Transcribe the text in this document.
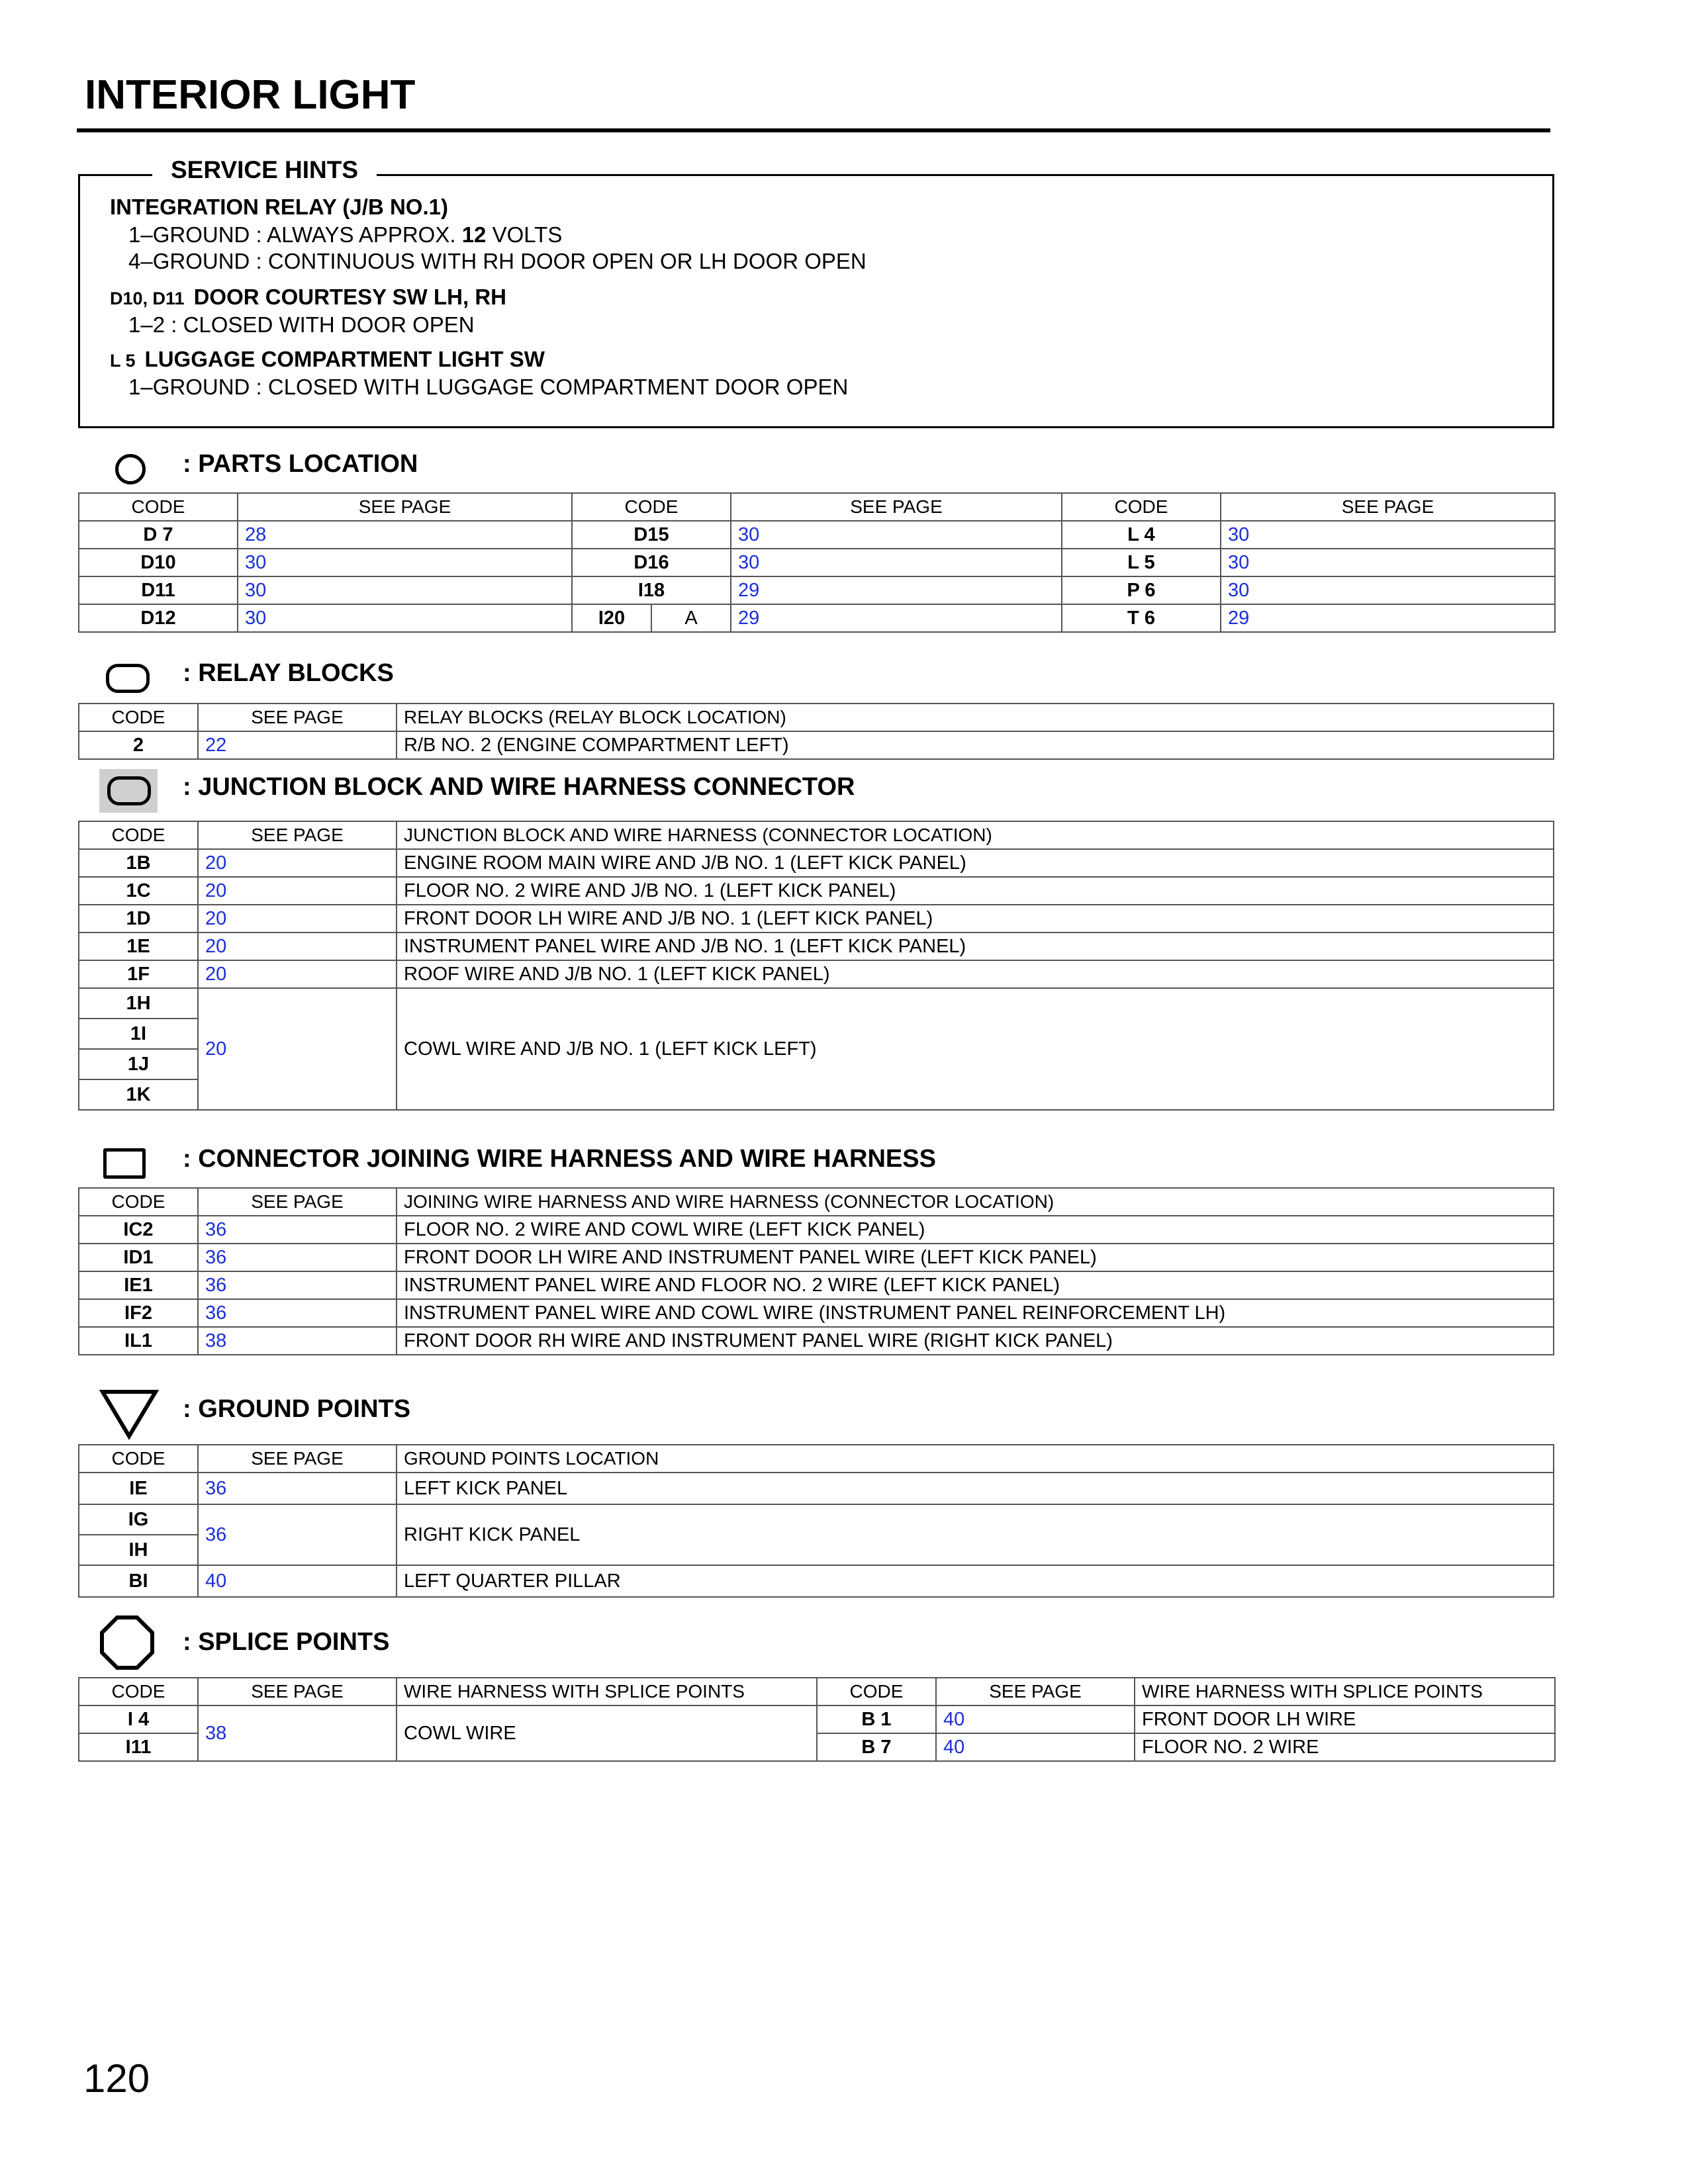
INTERIOR LIGHT
SERVICE HINTS
INTEGRATION RELAY (J/B NO.1)
1–GROUND : ALWAYS APPROX. 12 VOLTS
4–GROUND : CONTINUOUS WITH RH DOOR OPEN OR LH DOOR OPEN
D10, D11 DOOR COURTESY SW LH, RH
1–2 : CLOSED WITH DOOR OPEN
L 5 LUGGAGE COMPARTMENT LIGHT SW
1–GROUND : CLOSED WITH LUGGAGE COMPARTMENT DOOR OPEN
: PARTS LOCATION
CODE	SEE PAGE	CODE		SEE PAGE	CODE	SEE PAGE
D 7	28	D15		30	L 4	30
D10	30	D16		30	L 5	30
D11	30	I18		29	P 6	30
D12	30	I20	A	29	T 6	29
: RELAY BLOCKS
CODE	SEE PAGE	RELAY BLOCKS (RELAY BLOCK LOCATION)
2	22	R/B NO. 2 (ENGINE COMPARTMENT LEFT)
: JUNCTION BLOCK AND WIRE HARNESS CONNECTOR
CODE	SEE PAGE	JUNCTION BLOCK AND WIRE HARNESS (CONNECTOR LOCATION)
1B	20	ENGINE ROOM MAIN WIRE AND J/B NO. 1 (LEFT KICK PANEL)
1C	20	FLOOR NO. 2 WIRE AND J/B NO. 1 (LEFT KICK PANEL)
1D	20	FRONT DOOR LH WIRE AND J/B NO. 1 (LEFT KICK PANEL)
1E	20	INSTRUMENT PANEL WIRE AND J/B NO. 1 (LEFT KICK PANEL)
1F	20	ROOF WIRE AND J/B NO. 1 (LEFT KICK PANEL)
1H	20	COWL WIRE AND J/B NO. 1 (LEFT KICK LEFT)
1I		
1J		
1K		
: CONNECTOR JOINING WIRE HARNESS AND WIRE HARNESS
CODE	SEE PAGE	JOINING WIRE HARNESS AND WIRE HARNESS (CONNECTOR LOCATION)
IC2	36	FLOOR NO. 2 WIRE AND COWL WIRE (LEFT KICK PANEL)
ID1	36	FRONT DOOR LH WIRE AND INSTRUMENT PANEL WIRE (LEFT KICK PANEL)
IE1	36	INSTRUMENT PANEL WIRE AND FLOOR NO. 2 WIRE (LEFT KICK PANEL)
IF2	36	INSTRUMENT PANEL WIRE AND COWL WIRE (INSTRUMENT PANEL REINFORCEMENT LH)
IL1	38	FRONT DOOR RH WIRE AND INSTRUMENT PANEL WIRE (RIGHT KICK PANEL)
: GROUND POINTS
CODE	SEE PAGE	GROUND POINTS LOCATION
IE	36	LEFT KICK PANEL
IG	36	RIGHT KICK PANEL
IH		
BI	40	LEFT QUARTER PILLAR
: SPLICE POINTS
CODE	SEE PAGE	WIRE HARNESS WITH SPLICE POINTS	CODE	SEE PAGE	WIRE HARNESS WITH SPLICE POINTS
I 4	38	COWL WIRE	B 1	40	FRONT DOOR LH WIRE
I11			B 7	40	FLOOR NO. 2 WIRE
120
